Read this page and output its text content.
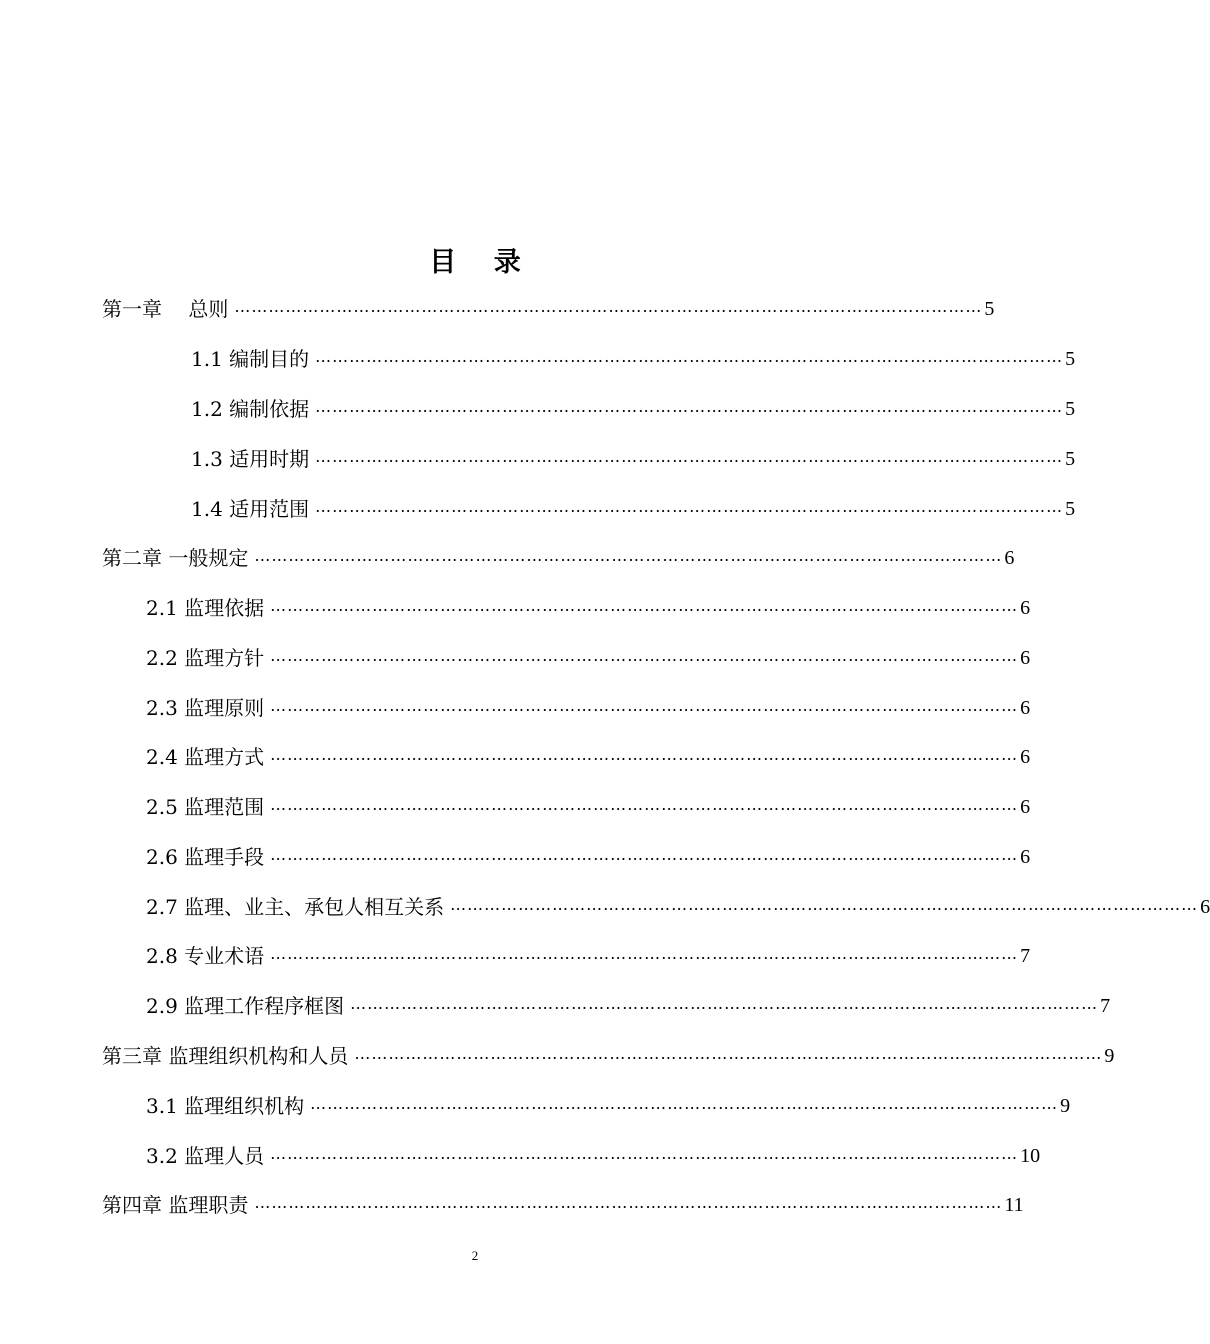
目 录
第一章　 总则 …………………………………………………………………………………………………………………… 5
1.1 编制目的 …………………………………………………………………………………………………………………… 5
1.2 编制依据 …………………………………………………………………………………………………………………… 5
1.3 适用时期 …………………………………………………………………………………………………………………… 5
1.4 适用范围 …………………………………………………………………………………………………………………… 5
第二章 一般规定 …………………………………………………………………………………………………………………… 6
2.1 监理依据 …………………………………………………………………………………………………………………… 6
2.2 监理方针 …………………………………………………………………………………………………………………… 6
2.3 监理原则 …………………………………………………………………………………………………………………… 6
2.4 监理方式 …………………………………………………………………………………………………………………… 6
2.5 监理范围 …………………………………………………………………………………………………………………… 6
2.6 监理手段 …………………………………………………………………………………………………………………… 6
2.7 监理、业主、承包人相互关系 …………………………………………………………………………………………………………………… 6
2.8 专业术语 …………………………………………………………………………………………………………………… 7
2.9 监理工作程序框图 …………………………………………………………………………………………………………………… 7
第三章 监理组织机构和人员 …………………………………………………………………………………………………………………… 9
3.1 监理组织机构 …………………………………………………………………………………………………………………… 9
3.2 监理人员 …………………………………………………………………………………………………………………… 10
第四章 监理职责 …………………………………………………………………………………………………………………… 11
2
